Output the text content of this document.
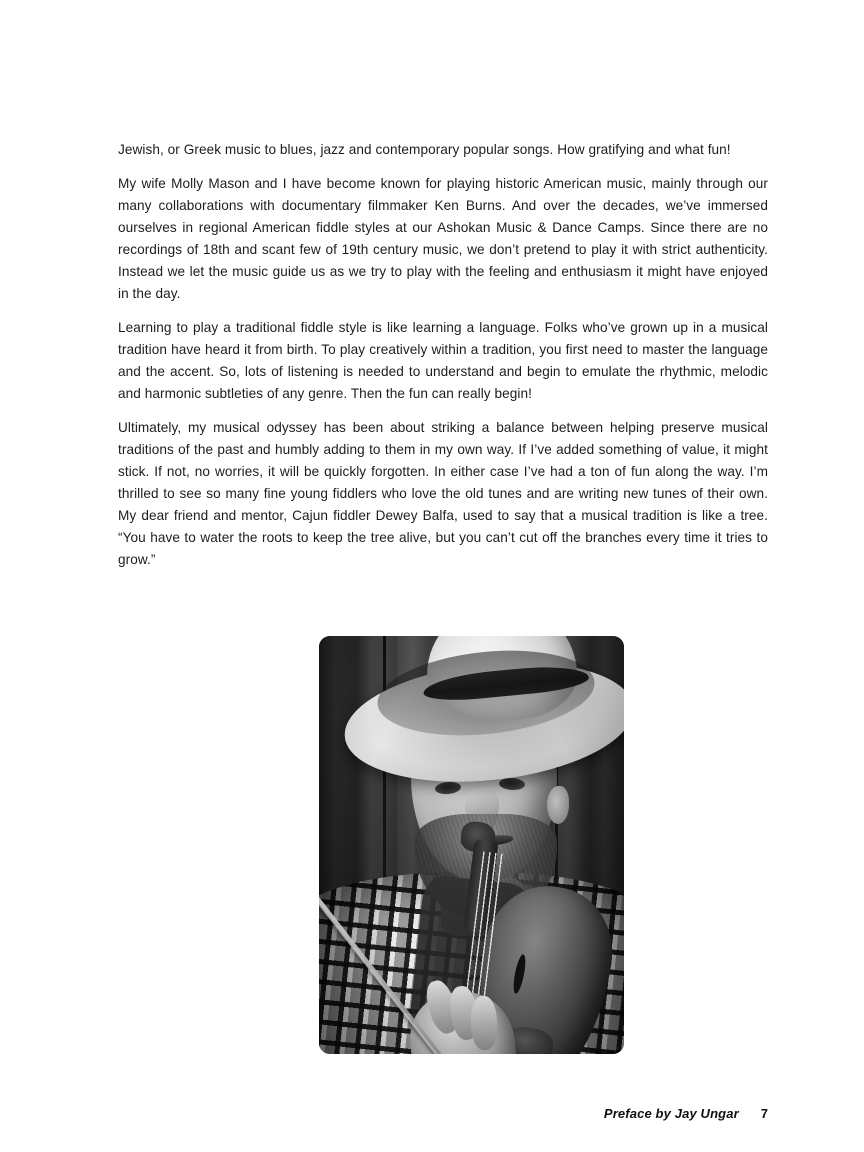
Jewish, or Greek music to blues, jazz and contemporary popular songs. How gratifying and what fun!

My wife Molly Mason and I have become known for playing historic American music, mainly through our many collaborations with documentary filmmaker Ken Burns. And over the decades, we’ve immersed ourselves in regional American fiddle styles at our Ashokan Music & Dance Camps. Since there are no recordings of 18th and scant few of 19th century music, we don’t pretend to play it with strict authenticity. Instead we let the music guide us as we try to play with the feeling and enthusiasm it might have enjoyed in the day.

Learning to play a traditional fiddle style is like learning a language. Folks who’ve grown up in a musical tradition have heard it from birth. To play creatively within a tradition, you first need to master the language and the accent. So, lots of listening is needed to understand and begin to emulate the rhythmic, melodic and harmonic subtleties of any genre. Then the fun can really begin!

Ultimately, my musical odyssey has been about striking a balance between helping preserve musical traditions of the past and humbly adding to them in my own way. If I’ve added something of value, it might stick. If not, no worries, it will be quickly forgotten. In either case I’ve had a ton of fun along the way. I’m thrilled to see so many fine young fiddlers who love the old tunes and are writing new tunes of their own. My dear friend and mentor, Cajun fiddler Dewey Balfa, used to say that a musical tradition is like a tree. “You have to water the roots to keep the tree alive, but you can’t cut off the branches every time it tries to grow.”

Preface by Jay Ungar 7
